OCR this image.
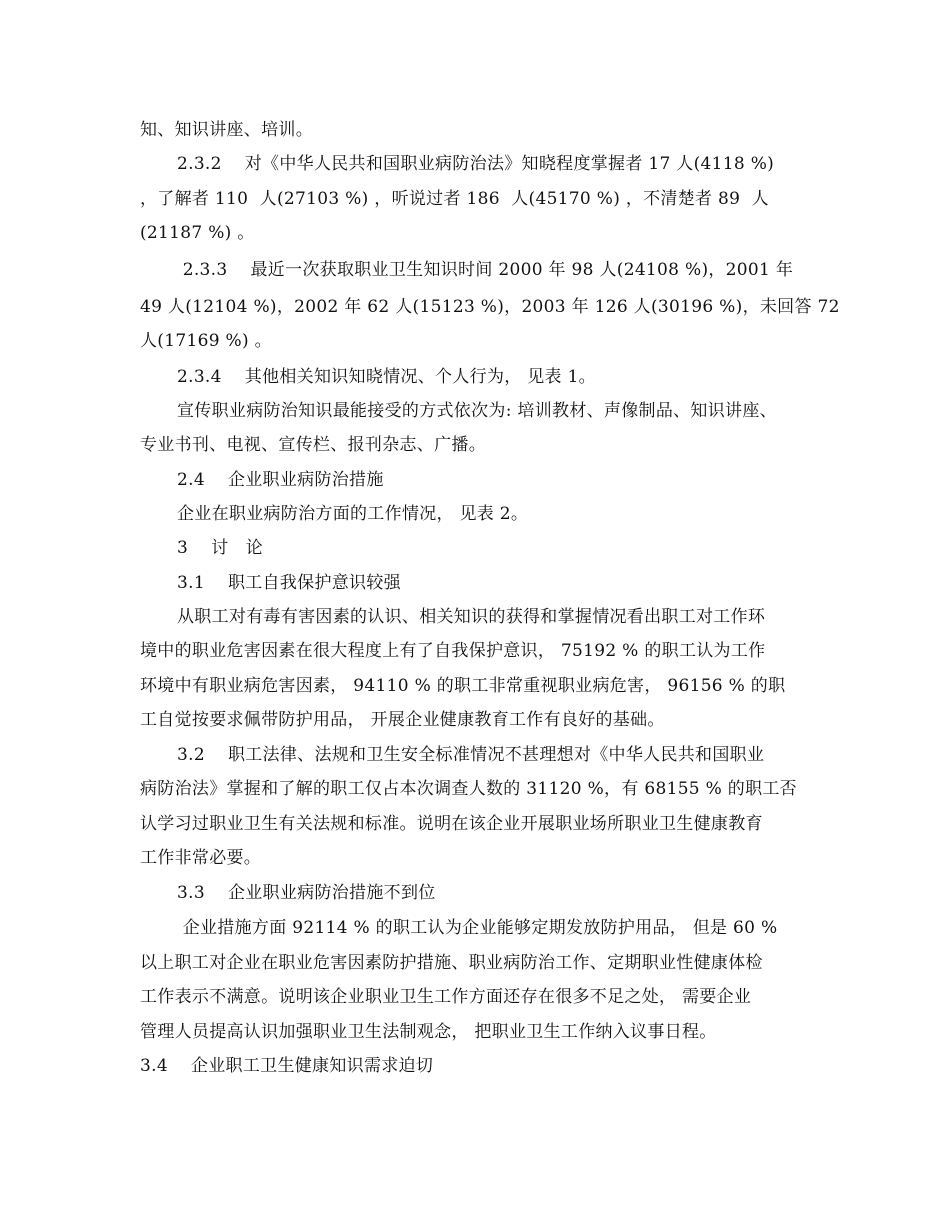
知、知识讲座、培训。
2.3.2　 对《中华人民共和国职业病防治法》知晓程度掌握者 17 人(4118 %)
，了解者 110  人(27103 %) ，听说过者 186  人(45170 %) ，不清楚者 89  人
(21187 %) 。
2.3.3　 最近一次获取职业卫生知识时间 2000 年 98 人(24108 %)，2001 年
49 人(12104 %)，2002 年 62 人(15123 %)，2003 年 126 人(30196 %)，未回答 72
人(17169 %) 。
2.3.4　 其他相关知识知晓情况、个人行为， 见表 1。
宣传职业病防治知识最能接受的方式依次为: 培训教材、声像制品、知识讲座、
专业书刊、电视、宣传栏、报刊杂志、广播。
2.4　 企业职业病防治措施
企业在职业病防治方面的工作情况， 见表 2。
3　 讨　论
3.1　 职工自我保护意识较强
从职工对有毒有害因素的认识、相关知识的获得和掌握情况看出职工对工作环
境中的职业危害因素在很大程度上有了自我保护意识， 75192 % 的职工认为工作
环境中有职业病危害因素， 94110 % 的职工非常重视职业病危害， 96156 % 的职
工自觉按要求佩带防护用品， 开展企业健康教育工作有良好的基础。
3.2　 职工法律、法规和卫生安全标准情况不甚理想对《中华人民共和国职业
病防治法》掌握和了解的职工仅占本次调查人数的 31120 %，有 68155 % 的职工否
认学习过职业卫生有关法规和标准。说明在该企业开展职业场所职业卫生健康教育
工作非常必要。
3.3　 企业职业病防治措施不到位
企业措施方面 92114 % 的职工认为企业能够定期发放防护用品， 但是 60 %
以上职工对企业在职业危害因素防护措施、职业病防治工作、定期职业性健康体检
工作表示不满意。说明该企业职业卫生工作方面还存在很多不足之处， 需要企业
管理人员提高认识加强职业卫生法制观念， 把职业卫生工作纳入议事日程。
3.4　 企业职工卫生健康知识需求迫切
